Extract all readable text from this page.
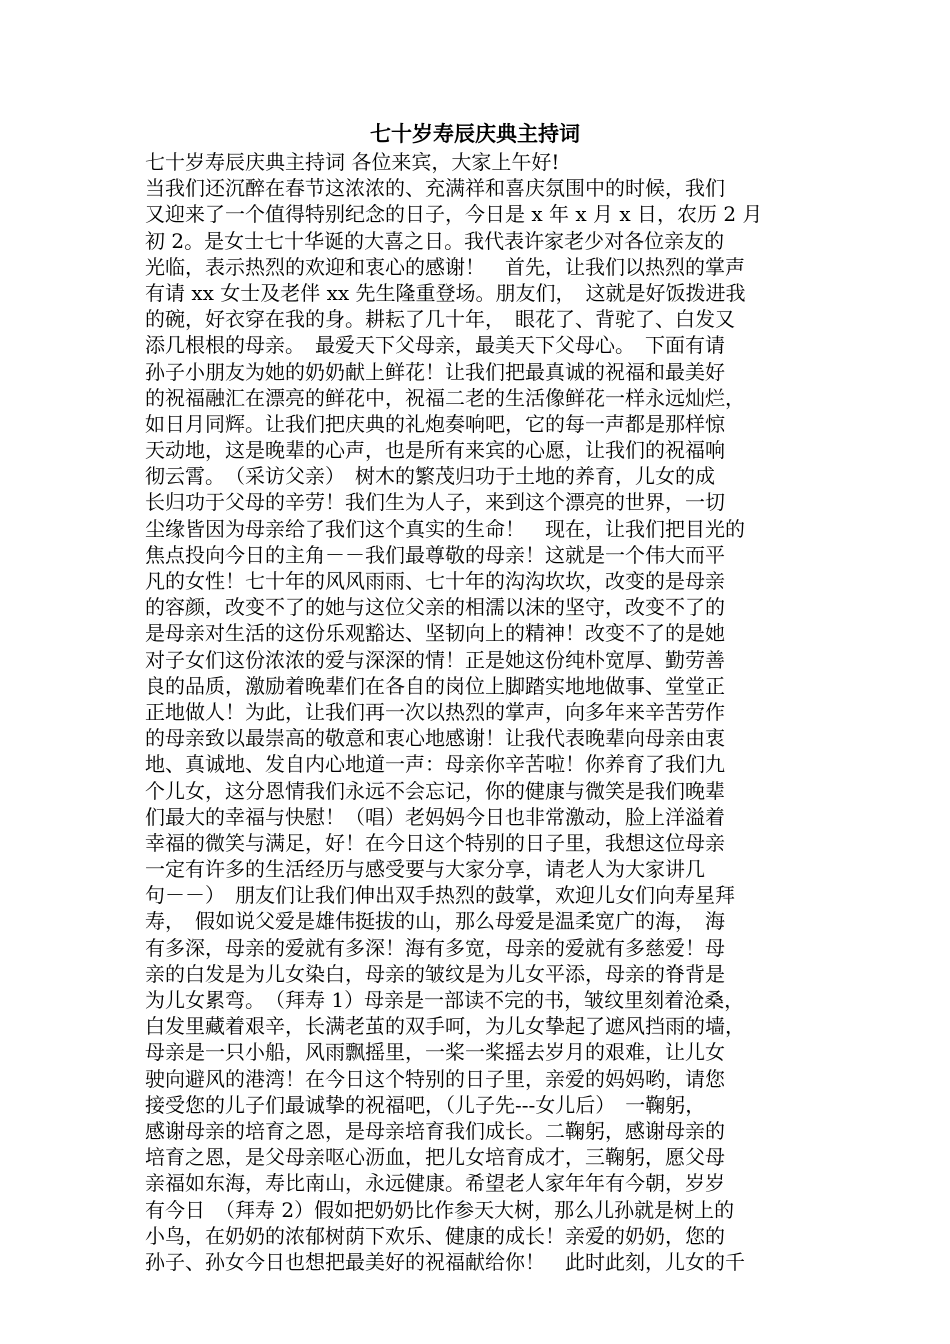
七十岁寿辰庆典主持词
七十岁寿辰庆典主持词 各位来宾，大家上午好!
当我们还沉醉在春节这浓浓的、充满祥和喜庆氛围中的时候，我们
又迎来了一个值得特别纪念的日子，今日是 x 年 x 月 x 日，农历 2 月
初 2。是女士七十华诞的大喜之日。我代表许家老少对各位亲友的
光临，表示热烈的欢迎和衷心的感谢！　首先，让我们以热烈的掌声
有请 xx 女士及老伴 xx 先生隆重登场。朋友们，　这就是好饭拨进我
的碗，好衣穿在我的身。耕耘了几十年，　眼花了、背驼了、白发又
添几根根的母亲。　最爱天下父母亲，最美天下父母心。　下面有请
孙子小朋友为她的奶奶献上鲜花！让我们把最真诚的祝福和最美好
的祝福融汇在漂亮的鲜花中，祝福二老的生活像鲜花一样永远灿烂，
如日月同辉。让我们把庆典的礼炮奏响吧，它的每一声都是那样惊
天动地，这是晚辈的心声，也是所有来宾的心愿，让我们的祝福响
彻云霄。　（采访父亲）　树木的繁茂归功于土地的养育，儿女的成
长归功于父母的辛劳！我们生为人子，来到这个漂亮的世界，一切
尘缘皆因为母亲给了我们这个真实的生命！　现在，让我们把目光的
焦点投向今日的主角－－我们最尊敬的母亲！这就是一个伟大而平
凡的女性！七十年的风风雨雨、七十年的沟沟坎坎，改变的是母亲
的容颜，改变不了的她与这位父亲的相濡以沫的坚守，改变不了的
是母亲对生活的这份乐观豁达、坚韧向上的精神！改变不了的是她
对子女们这份浓浓的爱与深深的情！正是她这份纯朴宽厚、勤劳善
良的品质，激励着晚辈们在各自的岗位上脚踏实地地做事、堂堂正
正地做人！为此，让我们再一次以热烈的掌声，向多年来辛苦劳作
的母亲致以最崇高的敬意和衷心地感谢！让我代表晚辈向母亲由衷
地、真诚地、发自内心地道一声：母亲你辛苦啦！你养育了我们九
个儿女，这分恩情我们永远不会忘记，你的健康与微笑是我们晚辈
们最大的幸福与快慰！（唱）老妈妈今日也非常激动，脸上洋溢着
幸福的微笑与满足，好！在今日这个特别的日子里，我想这位母亲
一定有许多的生活经历与感受要与大家分享，请老人为大家讲几
句－－）　朋友们让我们伸出双手热烈的鼓掌，欢迎儿女们向寿星拜
寿，　假如说父爱是雄伟挺拔的山，那么母爱是温柔宽广的海，　海
有多深，母亲的爱就有多深！海有多宽，母亲的爱就有多慈爱！母
亲的白发是为儿女染白，母亲的皱纹是为儿女平添，母亲的脊背是
为儿女累弯。　（拜寿 1）母亲是一部读不完的书，皱纹里刻着沧桑，
白发里藏着艰辛，长满老茧的双手呵，为儿女挚起了遮风挡雨的墙，
母亲是一只小船，风雨飘摇里，一桨一桨摇去岁月的艰难，让儿女
驶向避风的港湾！在今日这个特别的日子里，亲爱的妈妈哟，请您
接受您的儿子们最诚挚的祝福吧，（儿子先---女儿后）　一鞠躬，
感谢母亲的培育之恩，是母亲培育我们成长。二鞠躬，感谢母亲的
培育之恩，是父母亲呕心沥血，把儿女培育成才，三鞠躬，愿父母
亲福如东海，寿比南山，永远健康。希望老人家年年有今朝，岁岁
有今日　（拜寿 2）假如把奶奶比作参天大树，那么儿孙就是树上的
小鸟，在奶奶的浓郁树荫下欢乐、健康的成长！亲爱的奶奶，您的
孙子、孙女今日也想把最美好的祝福献给你！　此时此刻，儿女的千
